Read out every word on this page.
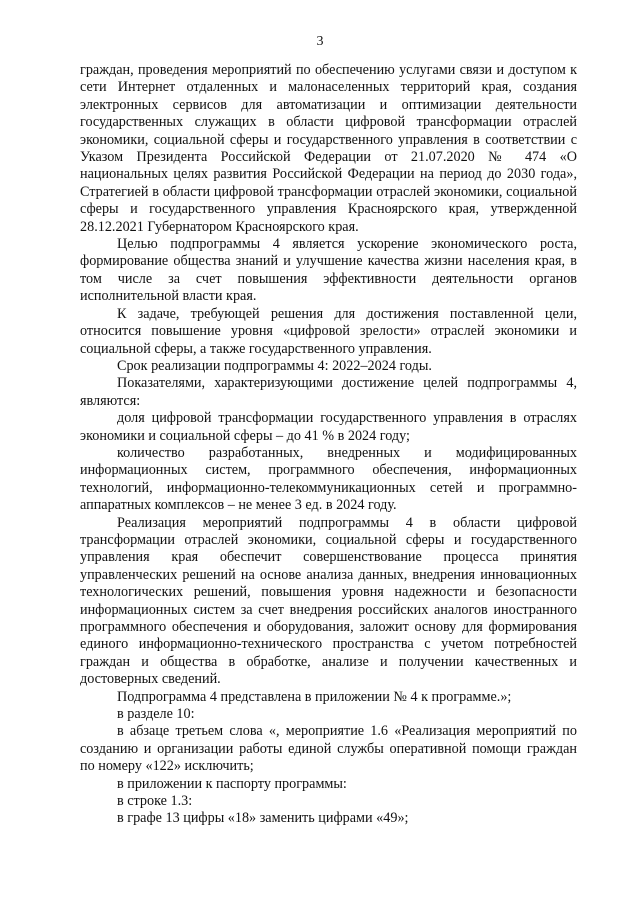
3

граждан, проведения мероприятий по обеспечению услугами связи и доступом к сети Интернет отдаленных и малонаселенных территорий края, создания электронных сервисов для автоматизации и оптимизации деятельности государственных служащих в области цифровой трансформации отраслей экономики, социальной сферы и государственного управления в соответствии с Указом Президента Российской Федерации от 21.07.2020 № 474 «О национальных целях развития Российской Федерации на период до 2030 года», Стратегией в области цифровой трансформации отраслей экономики, социальной сферы и государственного управления Красноярского края, утвержденной 28.12.2021 Губернатором Красноярского края.

Целью подпрограммы 4 является ускорение экономического роста, формирование общества знаний и улучшение качества жизни населения края, в том числе за счет повышения эффективности деятельности органов исполнительной власти края.

К задаче, требующей решения для достижения поставленной цели, относится повышение уровня «цифровой зрелости» отраслей экономики и социальной сферы, а также государственного управления.

Срок реализации подпрограммы 4: 2022–2024 годы.

Показателями, характеризующими достижение целей подпрограммы 4, являются:

доля цифровой трансформации государственного управления в отраслях экономики и социальной сферы – до 41 % в 2024 году;

количество разработанных, внедренных и модифицированных информационных систем, программного обеспечения, информационных технологий, информационно-телекоммуникационных сетей и программно-аппаратных комплексов – не менее 3 ед. в 2024 году.

Реализация мероприятий подпрограммы 4 в области цифровой трансформации отраслей экономики, социальной сферы и государственного управления края обеспечит совершенствование процесса принятия управленческих решений на основе анализа данных, внедрения инновационных технологических решений, повышения уровня надежности и безопасности информационных систем за счет внедрения российских аналогов иностранного программного обеспечения и оборудования, заложит основу для формирования единого информационно-технического пространства с учетом потребностей граждан и общества в обработке, анализе и получении качественных и достоверных сведений.

Подпрограмма 4 представлена в приложении № 4 к программе.»;

в разделе 10:

в абзаце третьем слова «, мероприятие 1.6 «Реализация мероприятий по созданию и организации работы единой службы оперативной помощи граждан по номеру «122» исключить;

в приложении к паспорту программы:

в строке 1.3:

в графе 13 цифры «18» заменить цифрами «49»;
